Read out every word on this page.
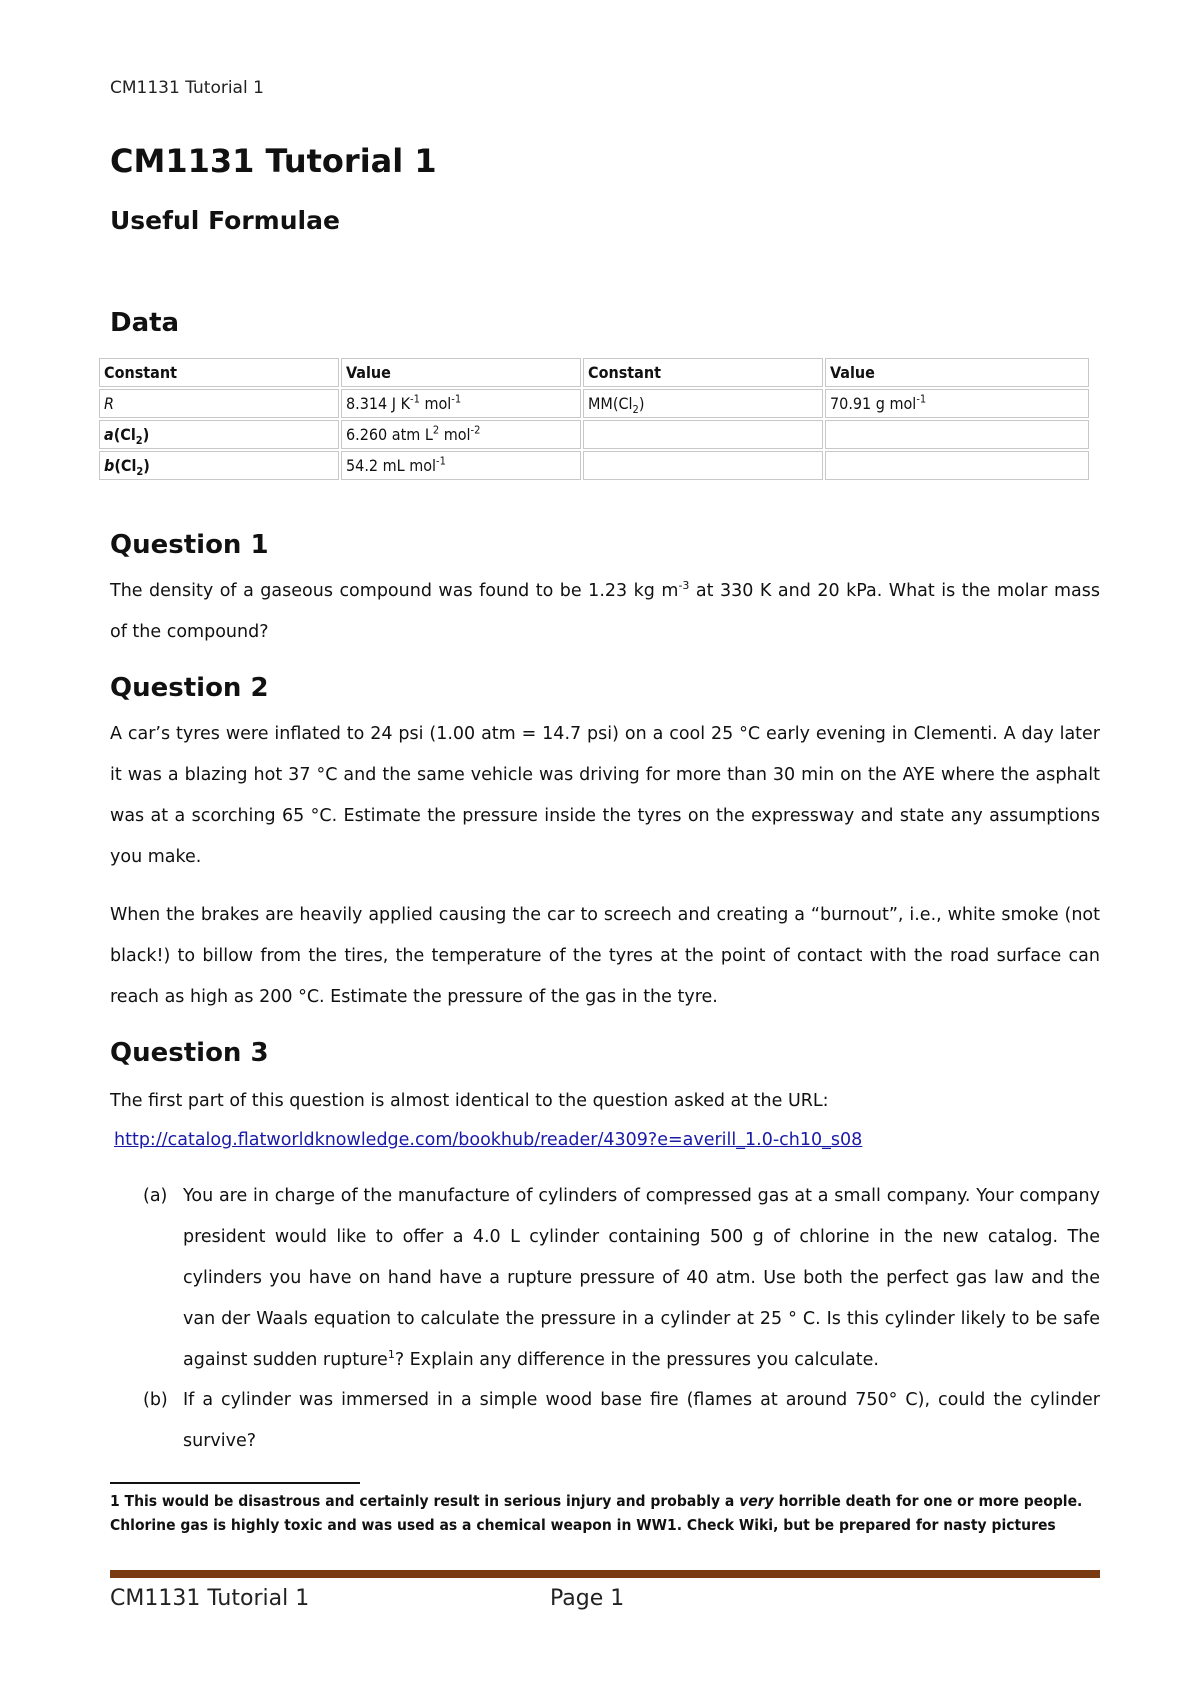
CM1131 Tutorial 1
CM1131 Tutorial 1
Useful Formulae
Data
Constant	Value	Constant	Value
R	8.314 J $K^{-1}$ mol$^{-1}$	$MM(Cl_2)$	70.91 g mol$^{-1}$
$a(Cl_2)$	6.260 atm $L^2$ mol$^{-2}$		
$b(Cl_2)$	54.2 mL mol$^{-1}$		
Question 1

The density of a gaseous compound was found to be 1.23 kg $m^{-3}$ at 330 K and 20 kPa. What is the molar mass of the compound?

Question 2

A car’s tyres were inflated to 24 psi (1.00 atm = 14.7 psi) on a cool 25 °C early evening in Clementi. A day later it was a blazing hot 37 °C and the same vehicle was driving for more than 30 min on the AYE where the asphalt was at a scorching 65 °C. Estimate the pressure inside the tyres on the expressway and state any assumptions you make.

When the brakes are heavily applied causing the car to screech and creating a “burnout”, i.e., white smoke (not black!) to billow from the tires, the temperature of the tyres at the point of contact with the road surface can reach as high as 200 °C. Estimate the pressure of the gas in the tyre.

Question 3

The first part of this question is almost identical to the question asked at the URL:

http://catalog.flatworldknowledge.com/bookhub/reader/4309?e=averill_1.0-ch10_s08
(a) You are in charge of the manufacture of cylinders of compressed gas at a small company. Your company president would like to offer a 4.0 L cylinder containing 500 g of chlorine in the new catalog. The cylinders you have on hand have a rupture pressure of 40 atm. Use both the perfect gas law and the van der Waals equation to calculate the pressure in a cylinder at 25 ° C. Is this cylinder likely to be safe against sudden rupture$^1$? Explain any difference in the pressures you calculate.
(b) If a cylinder was immersed in a simple wood base fire (flames at around 750° C), could the cylinder survive?
1 This would be disastrous and certainly result in serious injury and probably a very horrible death for one or more people. Chlorine gas is highly toxic and was used as a chemical weapon in WW1. Check Wiki, but be prepared for nasty pictures
CM1131 Tutorial 1	Page 1
